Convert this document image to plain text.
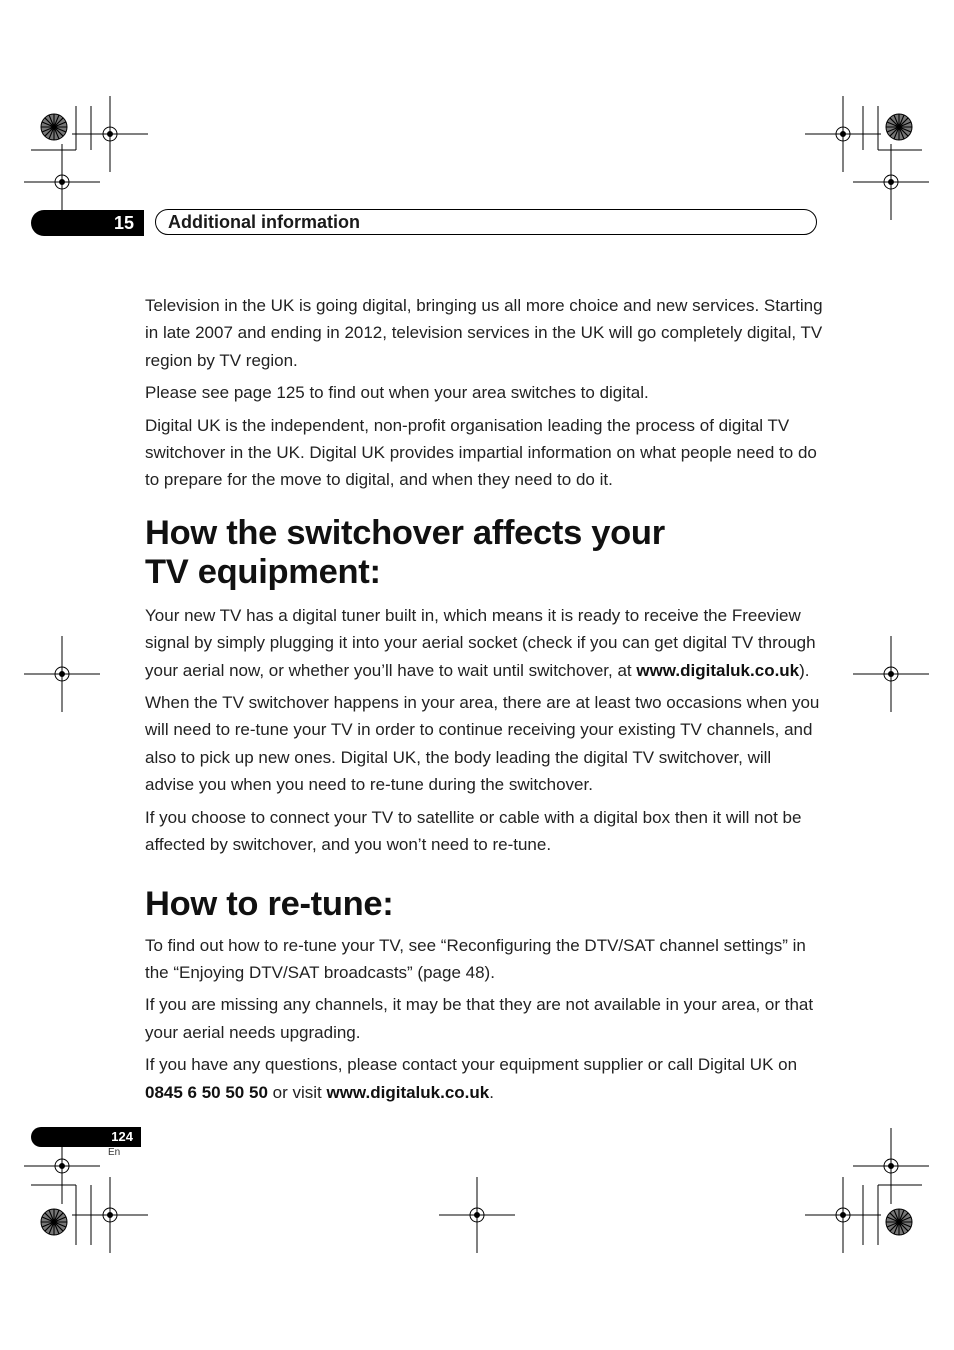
15	Additional information

Television in the UK is going digital, bringing us all more choice and new services. Starting in late 2007 and ending in 2012, television services in the UK will go completely digital, TV region by TV region.

Please see page 125 to find out when your area switches to digital.

Digital UK is the independent, non-profit organisation leading the process of digital TV switchover in the UK. Digital UK provides impartial information on what people need to do to prepare for the move to digital, and when they need to do it.

How the switchover affects your
TV equipment:

Your new TV has a digital tuner built in, which means it is ready to receive the Freeview signal by simply plugging it into your aerial socket (check if you can get digital TV through your aerial now, or whether you’ll have to wait until switchover, at www.digitaluk.co.uk).

When the TV switchover happens in your area, there are at least two occasions when you will need to re-tune your TV in order to continue receiving your existing TV channels, and also to pick up new ones. Digital UK, the body leading the digital TV switchover, will advise you when you need to re-tune during the switchover.

If you choose to connect your TV to satellite or cable with a digital box then it will not be affected by switchover, and you won’t need to re-tune.

How to re-tune:

To find out how to re-tune your TV, see “Reconfiguring the DTV/SAT channel settings” in the “Enjoying DTV/SAT broadcasts” (page 48).

If you are missing any channels, it may be that they are not available in your area, or that your aerial needs upgrading.

If you have any questions, please contact your equipment supplier or call Digital UK on 0845 6 50 50 50 or visit www.digitaluk.co.uk.

124
En
